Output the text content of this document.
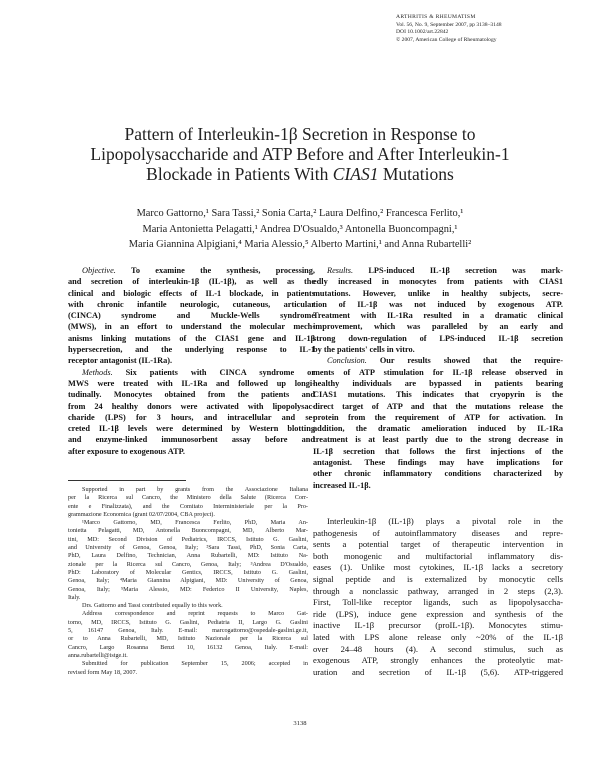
ARTHRITIS & RHEUMATISM
Vol. 56, No. 9, September 2007, pp 3138–3148
DOI 10.1002/art.22842
© 2007, American College of Rheumatology
Pattern of Interleukin-1β Secretion in Response to
Lipopolysaccharide and ATP Before and After Interleukin-1
Blockade in Patients With CIAS1 Mutations
Marco Gattorno,¹ Sara Tassi,² Sonia Carta,² Laura Delfino,² Francesca Ferlito,¹
Maria Antonietta Pelagatti,¹ Andrea D'Osualdo,³ Antonella Buoncompagni,¹
Maria Giannina Alpigiani,⁴ Maria Alessio,⁵ Alberto Martini,¹ and Anna Rubartelli²

Objective. To examine the synthesis, processing,
and secretion of interleukin-1β (IL-1β), as well as the
clinical and biologic effects of IL-1 blockade, in patients
with chronic infantile neurologic, cutaneous, articular
(CINCA) syndrome and Muckle-Wells syndrome
(MWS), in an effort to understand the molecular mech-
anisms linking mutations of the CIAS1 gene and IL-1β
hypersecretion, and the underlying response to IL-1
receptor antagonist (IL-1Ra).
Methods. Six patients with CINCA syndrome or
MWS were treated with IL-1Ra and followed up longi-
tudinally. Monocytes obtained from the patients and
from 24 healthy donors were activated with lipopolysac-
charide (LPS) for 3 hours, and intracellular and se-
creted IL-1β levels were determined by Western blotting
and enzyme-linked immunosorbent assay before and
after exposure to exogenous ATP.

Results. LPS-induced IL-1β secretion was mark-
edly increased in monocytes from patients with CIAS1
mutations. However, unlike in healthy subjects, secre-
tion of IL-1β was not induced by exogenous ATP.
Treatment with IL-1Ra resulted in a dramatic clinical
improvement, which was paralleled by an early and
strong down-regulation of LPS-induced IL-1β secretion
by the patients' cells in vitro.
Conclusion. Our results showed that the require-
ments of ATP stimulation for IL-1β release observed in
healthy individuals are bypassed in patients bearing
CIAS1 mutations. This indicates that cryopyrin is the
direct target of ATP and that the mutations release the
protein from the requirement of ATP for activation. In
addition, the dramatic amelioration induced by IL-1Ra
treatment is at least partly due to the strong decrease in
IL-1β secretion that follows the first injections of the
antagonist. These findings may have implications for
other chronic inflammatory conditions characterized by
increased IL-1β.

Supported in part by grants from the Associazione Italiana
per la Ricerca sul Cancro, the Ministero della Salute (Ricerca Corr-
ente e Finalizzata), and the Comitato Interministeriale per la Pro-
grammazione Economica (grant 02/07/2004, CBA project).
¹Marco Gattorno, MD, Francesca Ferlito, PhD, Maria An-
tonietta Pelagatti, MD, Antonella Buoncompagni, MD, Alberto Mar-
tini, MD: Second Division of Pediatrics, IRCCS, Istituto G. Gaslini,
and University of Genoa, Genoa, Italy; ²Sara Tassi, PhD, Sonia Carta,
PhD, Laura Delfino, Technician, Anna Rubartelli, MD: Istituto Na-
zionale per la Ricerca sul Cancro, Genoa, Italy; ³Andrea D'Osualdo,
PhD: Laboratory of Molecular Gentics, IRCCS, Istituto G. Gaslini,
Genoa, Italy; ⁴Maria Giannina Alpigiani, MD: University of Genoa,
Genoa, Italy; ⁵Maria Alessio, MD: Federico II University, Naples,
Italy.
Drs. Gattorno and Tassi contributed equally to this work.
Address correspondence and reprint requests to Marco Gat-
torno, MD, IRCCS, Istituto G. Gaslini, Pediatria II, Largo G. Gaslini
5, 16147 Genoa, Italy. E-mail: marcogattorno@ospedale-gaslini.ge.it,
or to Anna Rubartelli, MD, Istituto Nazionale per la Ricerca sul
Cancro, Largo Rosanna Benzi 10, 16132 Genoa, Italy. E-mail:
anna.rubartelli@istge.it.
Submitted for publication September 15, 2006; accepted in
revised form May 18, 2007.
Interleukin-1β (IL-1β) plays a pivotal role in the
pathogenesis of autoinflammatory diseases and repre-
sents a potential target of therapeutic intervention in
both monogenic and multifactorial inflammatory dis-
eases (1). Unlike most cytokines, IL-1β lacks a secretory
signal peptide and is externalized by monocytic cells
through a nonclassic pathway, arranged in 2 steps (2,3).
First, Toll-like receptor ligands, such as lipopolysaccha-
ride (LPS), induce gene expression and synthesis of the
inactive IL-1β precursor (proIL-1β). Monocytes stimu-
lated with LPS alone release only ~20% of the IL-1β
over 24–48 hours (4). A second stimulus, such as
exogenous ATP, strongly enhances the proteolytic mat-
uration and secretion of IL-1β (5,6). ATP-triggered
3138
